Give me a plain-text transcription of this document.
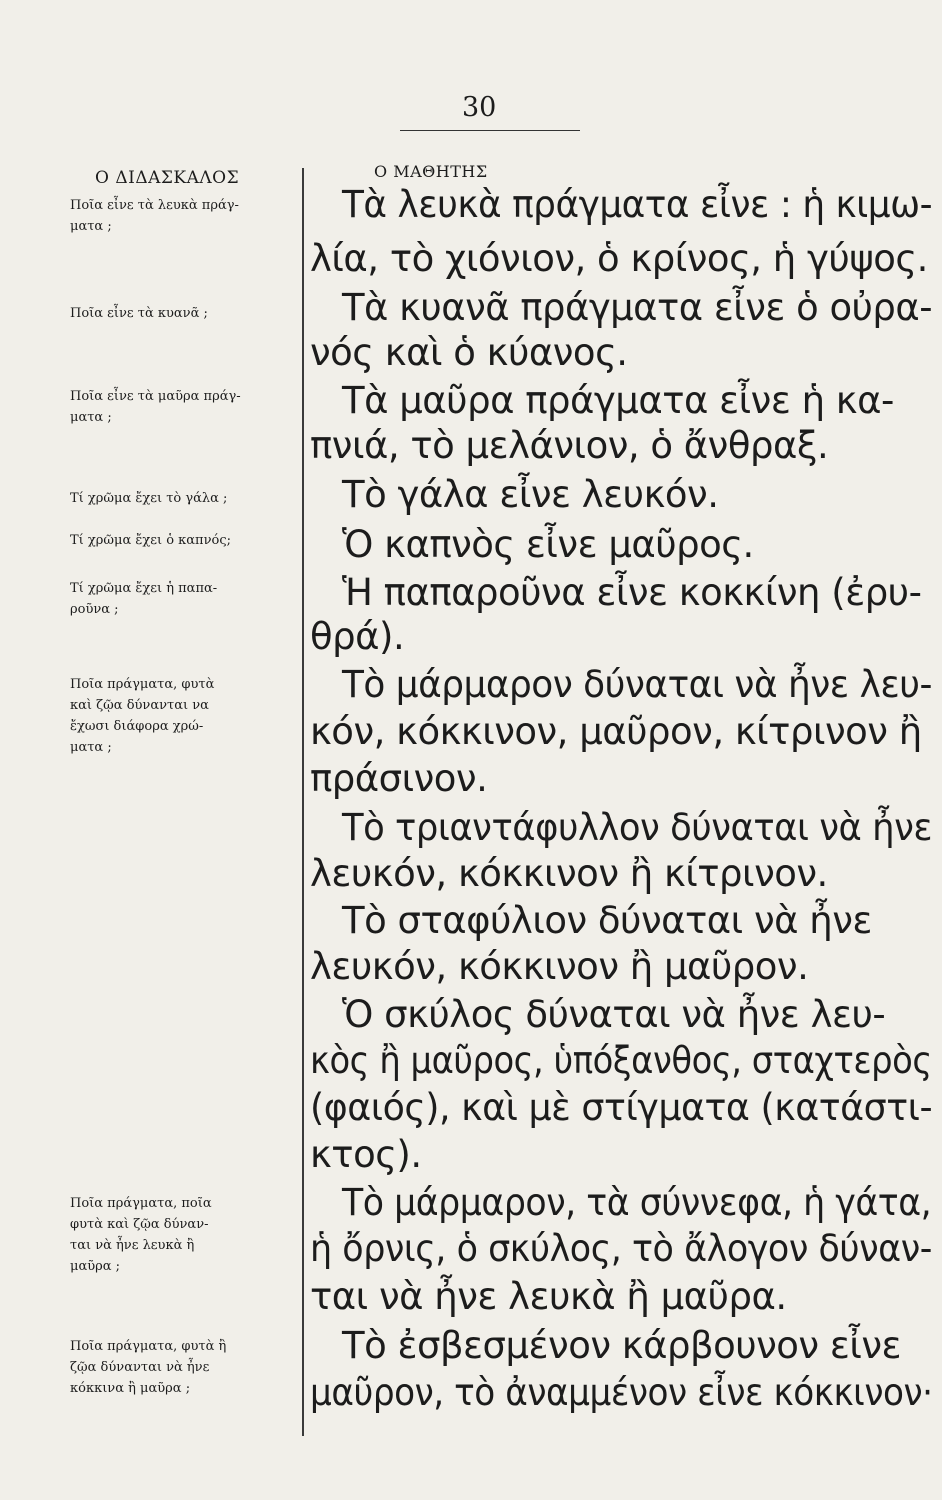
30
Ο ΔΙΔΑΣΚΑΛΟΣ	Ο ΜΑΘΗΤΗΣ
Ποῖα εἶνε τὰ λευκὰ πράγ-
ματα ;
Ποῖα εἶνε τὰ κυανᾶ ;
Ποῖα εἶνε τὰ μαῦρα πράγ-
ματα ;
Τί χρῶμα ἔχει τὸ γάλα ;
Τί χρῶμα ἔχει ὁ καπνός;
Τί χρῶμα ἔχει ἡ παπα-
ροῦνα ;
Ποῖα πράγματα, φυτὰ
καὶ ζῷα δύνανται να
ἔχωσι διάφορα χρώ-
ματα ;
Ποῖα πράγματα, ποῖα
φυτὰ καὶ ζῷα δύναν-
ται νὰ ἦνε λευκὰ ἢ
μαῦρα ;
Ποῖα πράγματα, φυτὰ ἢ
ζῷα δύνανται νὰ ἦνε
κόκκινα ἢ μαῦρα ;
Τὰ λευκὰ πράγματα εἶνε : ἡ κιμω-
λία, τὸ χιόνιον, ὁ κρίνος, ἡ γύψος.
Τὰ κυανᾶ πράγματα εἶνε ὁ οὐρα-
νός καὶ ὁ κύανος.
Τὰ μαῦρα πράγματα εἶνε ἡ κα-
πνιά, τὸ μελάνιον, ὁ ἄνθραξ.
Τὸ γάλα εἶνε λευκόν.
Ὁ καπνὸς εἶνε μαῦρος.
Ἡ παπαροῦνα εἶνε κοκκίνη (ἐρυ-
θρά).
Τὸ μάρμαρον δύναται νὰ ἦνε λευ-
κόν, κόκκινον, μαῦρον, κίτρινον ἢ
πράσινον.
Τὸ τριαντάφυλλον δύναται νὰ ἦνε
λευκόν, κόκκινον ἢ κίτρινον.
Τὸ σταφύλιον δύναται νὰ ἦνε
λευκόν, κόκκινον ἢ μαῦρον.
Ὁ σκύλος δύναται νὰ ἦνε λευ-
κὸς ἢ μαῦρος, ὑπόξανθος, σταχτερὸς
(φαιός), καὶ μὲ στίγματα (κατάστι-
κτος).
Τὸ μάρμαρον, τὰ σύννεφα, ἡ γάτα,
ἡ ὄρνις, ὁ σκύλος, τὸ ἄλογον δύναν-
ται νὰ ἦνε λευκὰ ἢ μαῦρα.
Τὸ ἐσβεσμένον κάρβουνον εἶνε
μαῦρον, τὸ ἀναμμένον εἶνε κόκκινον·
